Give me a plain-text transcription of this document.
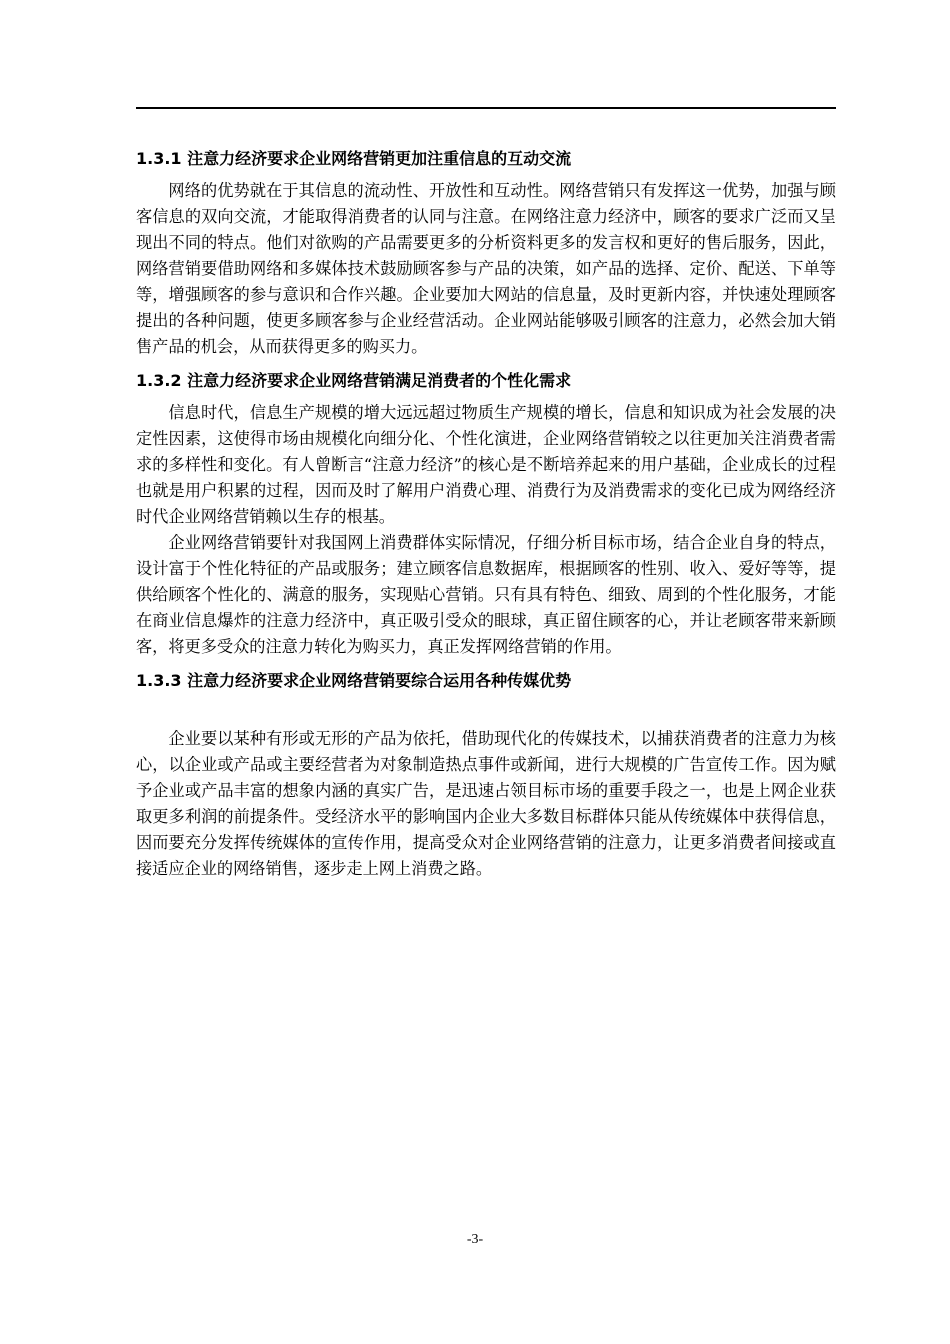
1.3.1 注意力经济要求企业网络营销更加注重信息的互动交流

网络的优势就在于其信息的流动性、开放性和互动性。网络营销只有发挥这一优势，加强与顾客信息的双向交流，才能取得消费者的认同与注意。在网络注意力经济中，顾客的要求广泛而又呈现出不同的特点。他们对欲购的产品需要更多的分析资料更多的发言权和更好的售后服务，因此，网络营销要借助网络和多媒体技术鼓励顾客参与产品的决策，如产品的选择、定价、配送、下单等等，增强顾客的参与意识和合作兴趣。企业要加大网站的信息量，及时更新内容，并快速处理顾客提出的各种问题，使更多顾客参与企业经营活动。企业网站能够吸引顾客的注意力，必然会加大销售产品的机会，从而获得更多的购买力。

1.3.2 注意力经济要求企业网络营销满足消费者的个性化需求

信息时代，信息生产规模的增大远远超过物质生产规模的增长，信息和知识成为社会发展的决定性因素，这使得市场由规模化向细分化、个性化演进，企业网络营销较之以往更加关注消费者需求的多样性和变化。有人曾断言“注意力经济”的核心是不断培养起来的用户基础，企业成长的过程也就是用户积累的过程，因而及时了解用户消费心理、消费行为及消费需求的变化已成为网络经济时代企业网络营销赖以生存的根基。

企业网络营销要针对我国网上消费群体实际情况，仔细分析目标市场，结合企业自身的特点，设计富于个性化特征的产品或服务；建立顾客信息数据库，根据顾客的性别、收入、爱好等等，提供给顾客个性化的、满意的服务，实现贴心营销。只有具有特色、细致、周到的个性化服务，才能在商业信息爆炸的注意力经济中，真正吸引受众的眼球，真正留住顾客的心，并让老顾客带来新顾客，将更多受众的注意力转化为购买力，真正发挥网络营销的作用。

1.3.3 注意力经济要求企业网络营销要综合运用各种传媒优势

企业要以某种有形或无形的产品为依托，借助现代化的传媒技术，以捕获消费者的注意力为核心，以企业或产品或主要经营者为对象制造热点事件或新闻，进行大规模的广告宣传工作。因为赋予企业或产品丰富的想象内涵的真实广告，是迅速占领目标市场的重要手段之一，也是上网企业获取更多利润的前提条件。受经济水平的影响国内企业大多数目标群体只能从传统媒体中获得信息，因而要充分发挥传统媒体的宣传作用，提高受众对企业网络营销的注意力，让更多消费者间接或直接适应企业的网络销售，逐步走上网上消费之路。

-3-
